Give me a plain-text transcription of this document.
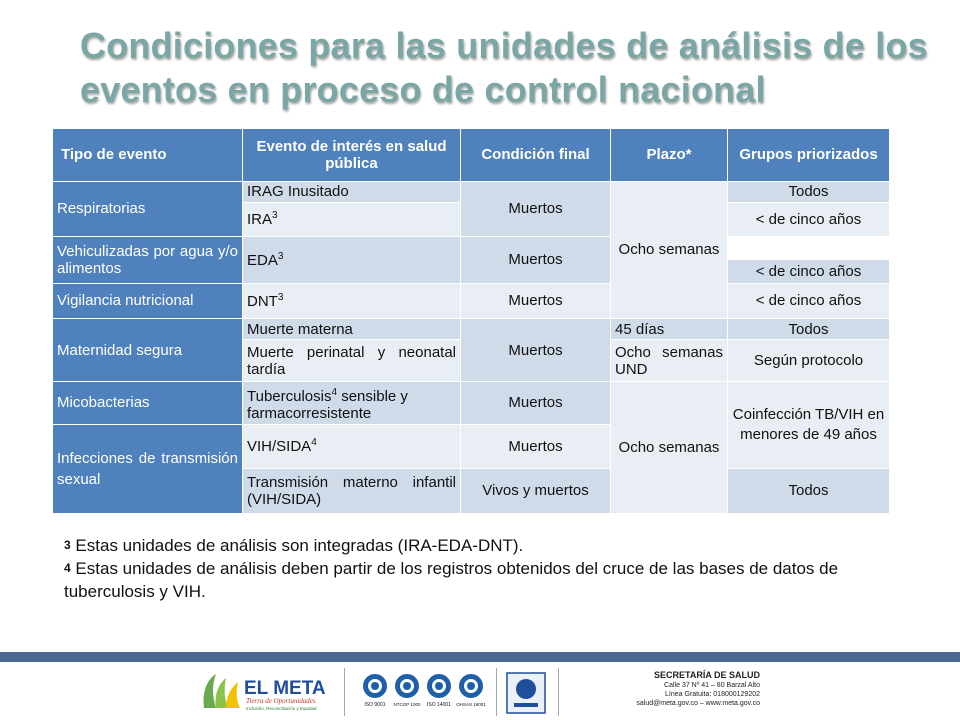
Condiciones para las unidades de análisis de los eventos en proceso de control nacional
Tipo de evento	Evento de interés en salud pública	Condición final	Plazo*	Grupos priorizados
Respiratorias	IRAG Inusitado	Muertos	Ocho semanas	Todos
	IRA$^3$			< de cinco años
Vehiculizadas por agua y/o alimentos	EDA$^3$	Muertos		
				< de cinco años
Vigilancia nutricional	DNT$^3$	Muertos		< de cinco años
Maternidad segura	Muerte materna	Muertos	45 días	Todos
	Muerte perinatal y neonatal tardía		Ocho semanas UND	Según protocolo
Micobacterias	Tuberculosis$^4$ sensible y farmacorresistente	Muertos	Ocho semanas	Coinfección TB/VIH en menores de 49 años
Infecciones de transmisión sexual	VIH/SIDA$^4$	Muertos		
	Transmisión materno infantil (VIH/SIDA)	Vivos y muertos		Todos
$^3$ Estas unidades de análisis son integradas (IRA-EDA-DNT).
$^4$ Estas unidades de análisis deben partir de los registros obtenidos del cruce de las bases de datos de tuberculosis y VIH.
EL META
Tierra de Oportunidades
Inclusión, Reconciliación y Equidad
ISO 9001 NTCGP 1000 ISO 14001 OHSAS 18001
SECRETARÍA DE SALUD
Calle 37 Nº 41 – 80 Barzal Alto
Línea Gratuita: 018000129202
salud@meta.gov.co – www.meta.gov.co
